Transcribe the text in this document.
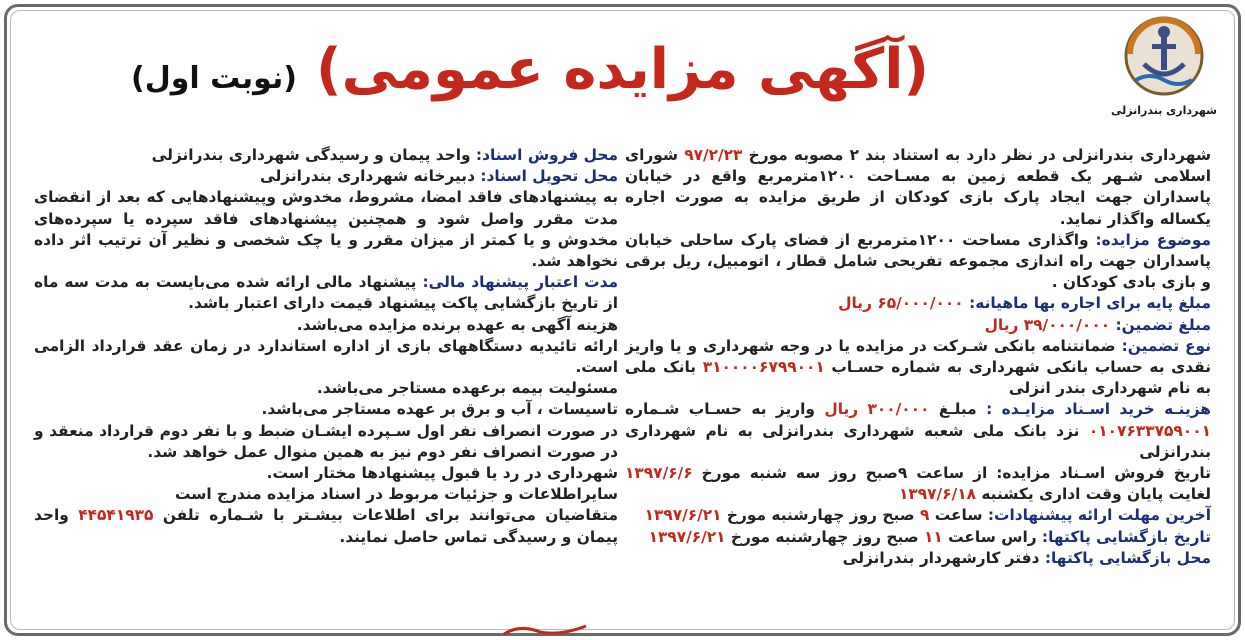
شهرداری بندرانزلی
(آگهی مزایده عمومی) (نوبت اول)

شهرداری بندرانزلی در نظر دارد به استناد بند ۲ مصوبه مورخ ۹۷/۲/۲۳ شورای اسلامی شـهر یک قطعه زمین به مسـاحت ۱۲۰۰مترمربع واقع در خیابان پاسداران جهت ایجاد پارک بازی کودکان از طریق مزایده به صورت اجاره یکساله واگذار نماید.

موضوع مزایده: واگذاری مساحت ۱۲۰۰مترمربع از فضای پارک ساحلی خیابان پاسداران جهت راه اندازی مجموعه تفریحی شامل قطار ، اتومبیل، ریل برقی و بازی بادی کودکان .

مبلغ پایه برای اجاره بها ماهیانه: ۶۵/۰۰۰/۰۰۰ ریال

مبلغ تضمین: ۳۹/۰۰۰/۰۰۰ ریال

نوع تضمین: ضمانتنامه بانکی شـرکت در مزایده یا در وجه شهرداری و یا واریز نقدی به حساب بانکی شهرداری به شماره حسـاب ۳۱۰۰۰۰۶۷۹۹۰۰۱ بانک ملی به نام شهرداری بندر انزلی

هزینـه خرید اسـناد مزایـده : مبلـغ ۳۰۰/۰۰۰ ریال واریز به حسـاب شـماره ۰۱۰۷۶۳۳۷۵۹۰۰۱ نزد بانک ملی شعبه شهرداری بندرانزلی به نام شهرداری بندرانزلی

تاریخ فروش اسـناد مزایده: از ساعت ۹صبح روز سه شنبه مورخ ۱۳۹۷/۶/۶ لغایت پایان وقت اداری یکشنبه ۱۳۹۷/۶/۱۸

آخرین مهلت ارائه پیشنهادات: ساعت ۹ صبح روز چهارشنبه مورخ ۱۳۹۷/۶/۲۱

تاریخ بازگشایی پاکتها: راس ساعت ۱۱ صبح روز چهارشنبه مورخ ۱۳۹۷/۶/۲۱

محل بازگشایی پاکتها: دفتر کارشهردار بندرانزلی

محل فروش اسناد: واحد پیمان و رسیدگی شهرداری بندرانزلی

محل تحویل اسناد: دبیرخانه شهرداری بندرانزلی

به پیشنهادهای فاقد امضا، مشروط، مخدوش وپیشنهادهایی که بعد از انقضای مدت مقرر واصل شود و همچنین پیشنهادهای فاقد سپرده یا سپرده‌های مخدوش و یا کمتر از میزان مقرر و یا چک شخصی و نظیر آن ترتیب اثر داده نخواهد شد.

مدت اعتبار پیشنهاد مالی: پیشنهاد مالی ارائه شده می‌بایست به مدت سه ماه از تاریخ بازگشایی پاکت پیشنهاد قیمت دارای اعتبار باشد.

هزینه آگهی به عهده برنده مزایده می‌باشد.

ارائه تائیدیه دستگاههای بازی از اداره استاندارد در زمان عقد قرارداد الزامی است.

مسئولیت بیمه برعهده مستاجر می‌باشد.

تاسیسات ، آب و برق بر عهده مستاجر می‌باشد.

در صورت انصراف نفر اول سـپرده ایشـان ضبط و با نفر دوم قرارداد منعقد و در صورت انصراف نفر دوم نیز به همین منوال عمل خواهد شد.

شهرداری در رد یا قبول پیشنهادها مختار است.

سایراطلاعات و جزئیات مربوط در اسناد مزایده مندرج است

متقاضیان می‌توانند برای اطلاعات بیشـتر با شـماره تلفن ۴۴۵۴۱۹۳۵ واحد پیمان و رسیدگی تماس حاصل نمایند.
